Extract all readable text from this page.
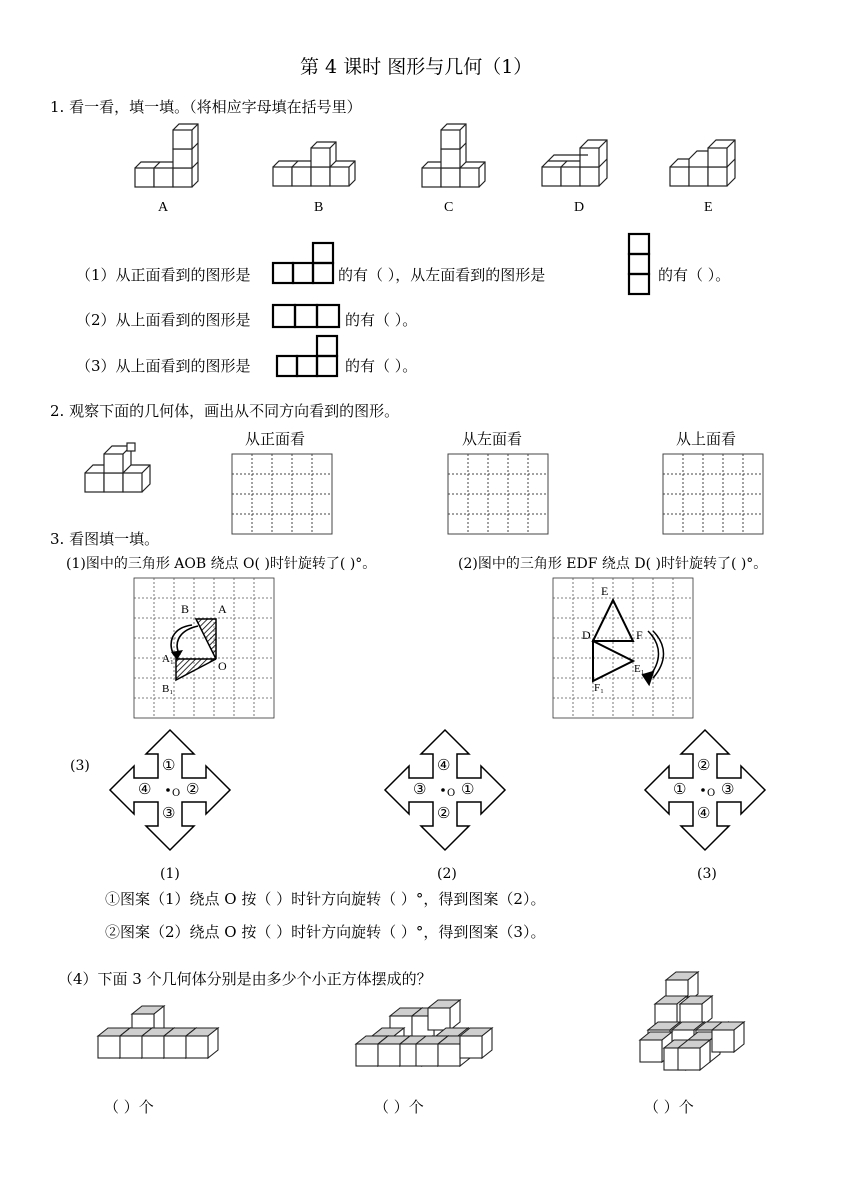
第 4 课时 图形与几何（1）
1. 看一看，填一填。（将相应字母填在括号里）
A	B	C	D	E
（1）从正面看到的图形是	的有（ ），从左面看到的图形是	的有（ ）。
（2）从上面看到的图形是	的有（ ）。
（3）从上面看到的图形是	的有（ ）。
2. 观察下面的几何体，画出从不同方向看到的图形。
从正面看	从左面看	从上面看
3. 看图填一填。
(1)图中的三角形 AOB 绕点 O( )时针旋转了( )°。	(2)图中的三角形 EDF 绕点 D( )时针旋转了( )°。
B A
A₁	O
B₁
E
D	F
E₁
F₁
(3)	①
②
③
④ O
④
①
②
③ O
②
③
④
① O
(1)	(2)	(3)
①图案（1）绕点 O 按（ ）时针方向旋转（ ）°，得到图案（2）。
②图案（2）绕点 O 按（ ）时针方向旋转（ ）°，得到图案（3）。
（4）下面 3 个几何体分别是由多少个小正方体摆成的？
（ ）个	（ ）个	（ ）个
